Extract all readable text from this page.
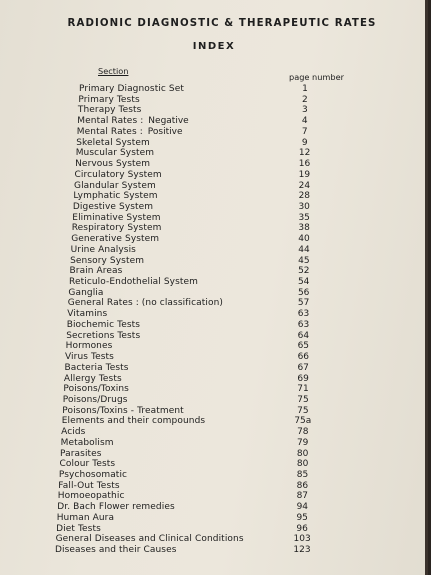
RADIONIC DIAGNOSTIC & THERAPEUTIC RATES
INDEX
Section
page number
Primary Diagnostic Set	1
Primary Tests	2
Therapy Tests	3
Mental Rates : Negative	4
Mental Rates : Positive	7
Skeletal System	9
Muscular System	12
Nervous System	16
Circulatory System	19
Glandular System	24
Lymphatic System	28
Digestive System	30
Eliminative System	35
Respiratory System	38
Generative System	40
Urine Analysis	44
Sensory System	45
Brain Areas	52
Reticulo-Endothelial System	54
Ganglia	56
General Rates : (no classification)	57
Vitamins	63
Biochemic Tests	63
Secretions Tests	64
Hormones	65
Virus Tests	66
Bacteria Tests	67
Allergy Tests	69
Poisons/Toxins	71
Poisons/Drugs	75
Poisons/Toxins - Treatment	75
Elements and their compounds	75a
Acids	78
Metabolism	79
Parasites	80
Colour Tests	80
Psychosomatic	85
Fall-Out Tests	86
Homoeopathic	87
Dr. Bach Flower remedies	94
Human Aura	95
Diet Tests	96
General Diseases and Clinical Conditions	103
Diseases and their Causes	123
